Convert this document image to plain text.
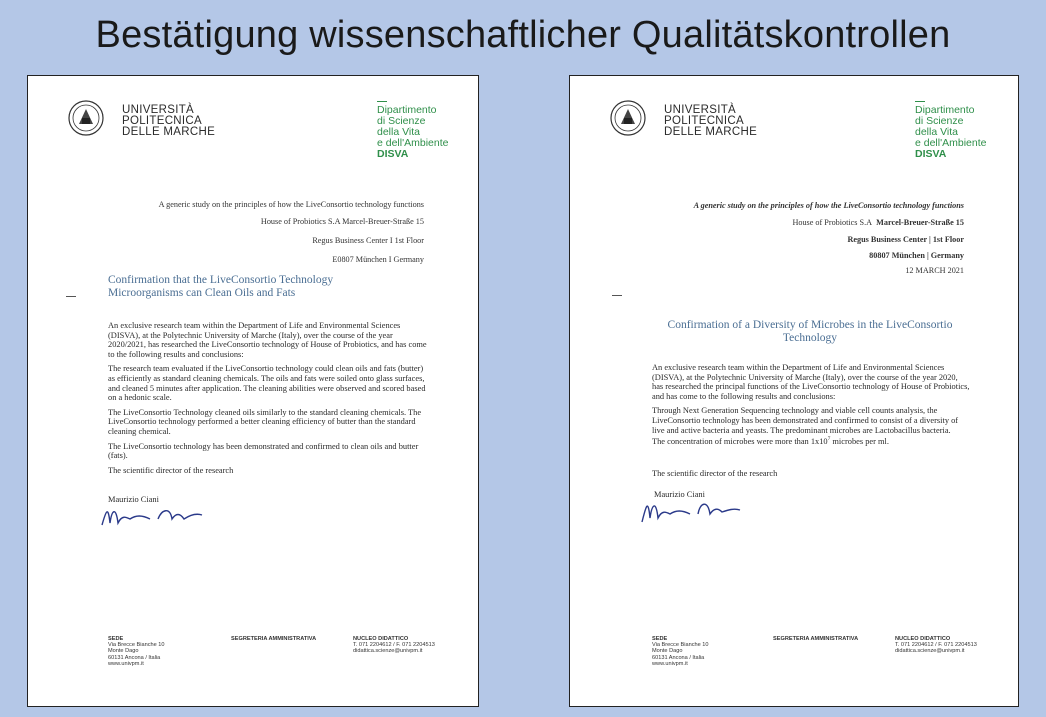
Bestätigung wissenschaftlicher Qualitätskontrollen
UNIVERSITÀ
POLITECNICA
DELLE MARCHE
Dipartimento
di Scienze
della Vita
e dell'Ambiente
DISVA
A generic study on the principles of how the LiveConsortio technology functions
House of Probiotics S.A Marcel-Breuer-Straße 15
Regus Business Center I 1st Floor
E0807 München I Germany
Confirmation that the LiveConsortio Technology Microorganisms can Clean Oils and Fats

An exclusive research team within the Department of Life and Environmental Sciences (DISVA), at the Polytechnic University of Marche (Italy), over the course of the year 2020/2021, has researched the LiveConsortio technology of House of Probiotics, and has come to the following results and conclusions:

The research team evaluated if the LiveConsortio technology could clean oils and fats (butter) as efficiently as standard cleaning chemicals. The oils and fats were soiled onto glass surfaces, and cleaned 5 minutes after application. The cleaning abilities were observed and scored based on a hedonic scale.

The LiveConsortio Technology cleaned oils similarly to the standard cleaning chemicals. The LiveConsortio technology performed a better cleaning efficiency of butter than the standard cleaning chemical.

The LiveConsortio technology has been demonstrated and confirmed to clean oils and butter (fats).

The scientific director of the research

Maurizio Ciani
SEDE
Via Brecce Bianche 10
Monte Dago
60131 Ancona / Italia
www.univpm.it
SEGRETERIA AMMINISTRATIVA	NUCLEO DIDATTICO
T. 071 2204612 / F. 071 2204513
didattica.scienze@univpm.it
UNIVERSITÀ
POLITECNICA
DELLE MARCHE
Dipartimento
di Scienze
della Vita
e dell'Ambiente
DISVA
A generic study on the principles of how the LiveConsortio technology functions
House of Probiotics S.A Marcel-Breuer-Straße 15
Regus Business Center | 1st Floor
80807 München | Germany
12 MARCH 2021
Confirmation of a Diversity of Microbes in the LiveConsortio Technology

An exclusive research team within the Department of Life and Environmental Sciences (DISVA), at the Polytechnic University of Marche (Italy), over the course of the year 2020, has researched the principal functions of the LiveConsortio technology of House of Probiotics, and has come to the following results and conclusions:

Through Next Generation Sequencing technology and viable cell counts analysis, the LiveConsortio technology has been demonstrated and confirmed to consist of a diversity of live and active bacteria and yeasts. The predominant microbes are Lactobacillus bacteria.

The concentration of microbes were more than $1x10^7$ microbes per ml.

The scientific director of the research
Maurizio Ciani
SEDE
Via Brecce Bianche 10
Monte Dago
60131 Ancona / Italia
www.univpm.it
SEGRETERIA AMMINISTRATIVA	NUCLEO DIDATTICO
T. 071 2204612 / F. 071 2204513
didattica.scienze@univpm.it
